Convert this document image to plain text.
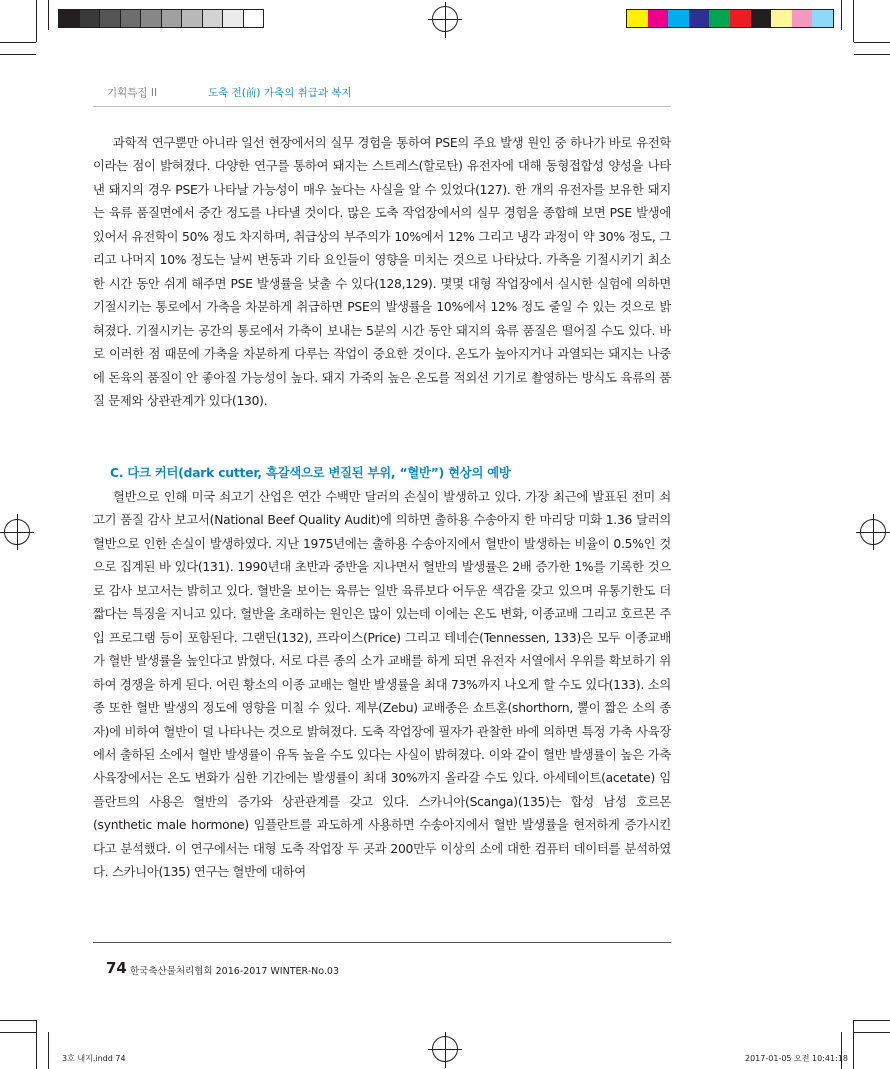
기획특집 II	도축 전(前) 가축의 취급과 복지

과학적 연구뿐만 아니라 일선 현장에서의 실무 경험을 통하여 PSE의 주요 발생 원인 중 하나가 바로 유전학이라는 점이 밝혀졌다. 다양한 연구를 통하여 돼지는 스트레스(할로탄) 유전자에 대해 동형접합성 양성을 나타낸 돼지의 경우 PSE가 나타날 가능성이 매우 높다는 사실을 알 수 있었다(127). 한 개의 유전자를 보유한 돼지는 육류 품질면에서 중간 정도를 나타낼 것이다. 많은 도축 작업장에서의 실무 경험을 종합해 보면 PSE 발생에 있어서 유전학이 50% 정도 차지하며, 취급상의 부주의가 10%에서 12% 그리고 냉각 과정이 약 30% 정도, 그리고 나머지 10% 정도는 날씨 변동과 기타 요인들이 영향을 미치는 것으로 나타났다. 가축을 기절시키기 최소 한 시간 동안 쉬게 해주면 PSE 발생률을 낮출 수 있다(128,129). 몇몇 대형 작업장에서 실시한 실험에 의하면 기절시키는 통로에서 가축을 차분하게 취급하면 PSE의 발생률을 10%에서 12% 정도 줄일 수 있는 것으로 밝혀졌다. 기절시키는 공간의 통로에서 가축이 보내는 5분의 시간 동안 돼지의 육류 품질은 떨어질 수도 있다. 바로 이러한 점 때문에 가축을 차분하게 다루는 작업이 중요한 것이다. 온도가 높아지거나 과열되는 돼지는 나중에 돈육의 품질이 안 좋아질 가능성이 높다. 돼지 가죽의 높은 온도를 적외선 기기로 촬영하는 방식도 육류의 품질 문제와 상관관계가 있다(130).

C. 다크 커터(dark cutter, 흑갈색으로 변질된 부위, “혈반”) 현상의 예방

혈반으로 인해 미국 쇠고기 산업은 연간 수백만 달러의 손실이 발생하고 있다. 가장 최근에 발표된 전미 쇠고기 품질 감사 보고서(National Beef Quality Audit)에 의하면 출하용 수송아지 한 마리당 미화 1.36 달러의 혈반으로 인한 손실이 발생하였다. 지난 1975년에는 출하용 수송아지에서 혈반이 발생하는 비율이 0.5%인 것으로 집계된 바 있다(131). 1990년대 초반과 중반을 지나면서 혈반의 발생률은 2배 증가한 1%를 기록한 것으로 감사 보고서는 밝히고 있다. 혈반을 보이는 육류는 일반 육류보다 어두운 색감을 갖고 있으며 유통기한도 더 짧다는 특징을 지니고 있다. 혈반을 초래하는 원인은 많이 있는데 이에는 온도 변화, 이종교배 그리고 호르몬 주입 프로그램 등이 포함된다. 그랜딘(132), 프라이스(Price) 그리고 테네슨(Tennessen, 133)은 모두 이종교배가 혈반 발생률을 높인다고 밝혔다. 서로 다른 종의 소가 교배를 하게 되면 유전자 서열에서 우위를 확보하기 위하여 경쟁을 하게 된다. 어린 황소의 이종 교배는 혈반 발생률을 최대 73%까지 나오게 할 수도 있다(133). 소의 종 또한 혈반 발생의 정도에 영향을 미칠 수 있다. 제부(Zebu) 교배종은 쇼트혼(shorthorn, 뿔이 짧은 소의 종자)에 비하여 혈반이 덜 나타나는 것으로 밝혀졌다. 도축 작업장에 필자가 관찰한 바에 의하면 특정 가축 사육장에서 출하된 소에서 혈반 발생률이 유독 높을 수도 있다는 사실이 밝혀졌다. 이와 같이 혈반 발생률이 높은 가축 사육장에서는 온도 변화가 심한 기간에는 발생률이 최대 30%까지 올라갈 수도 있다. 아세테이트(acetate) 임플란트의 사용은 혈반의 증가와 상관관계를 갖고 있다. 스카니아(Scanga)(135)는 합성 남성 호르몬(synthetic male hormone) 임플란트를 과도하게 사용하면 수송아지에서 혈반 발생률을 현저하게 증가시킨다고 분석했다. 이 연구에서는 대형 도축 작업장 두 곳과 200만두 이상의 소에 대한 컴퓨터 데이터를 분석하였다. 스카니아(135) 연구는 혈반에 대하여

74 한국축산물처리협회 2016-2017 WINTER-No.03
3호 내지.indd 74	2017-01-05 오전 10:41:18
